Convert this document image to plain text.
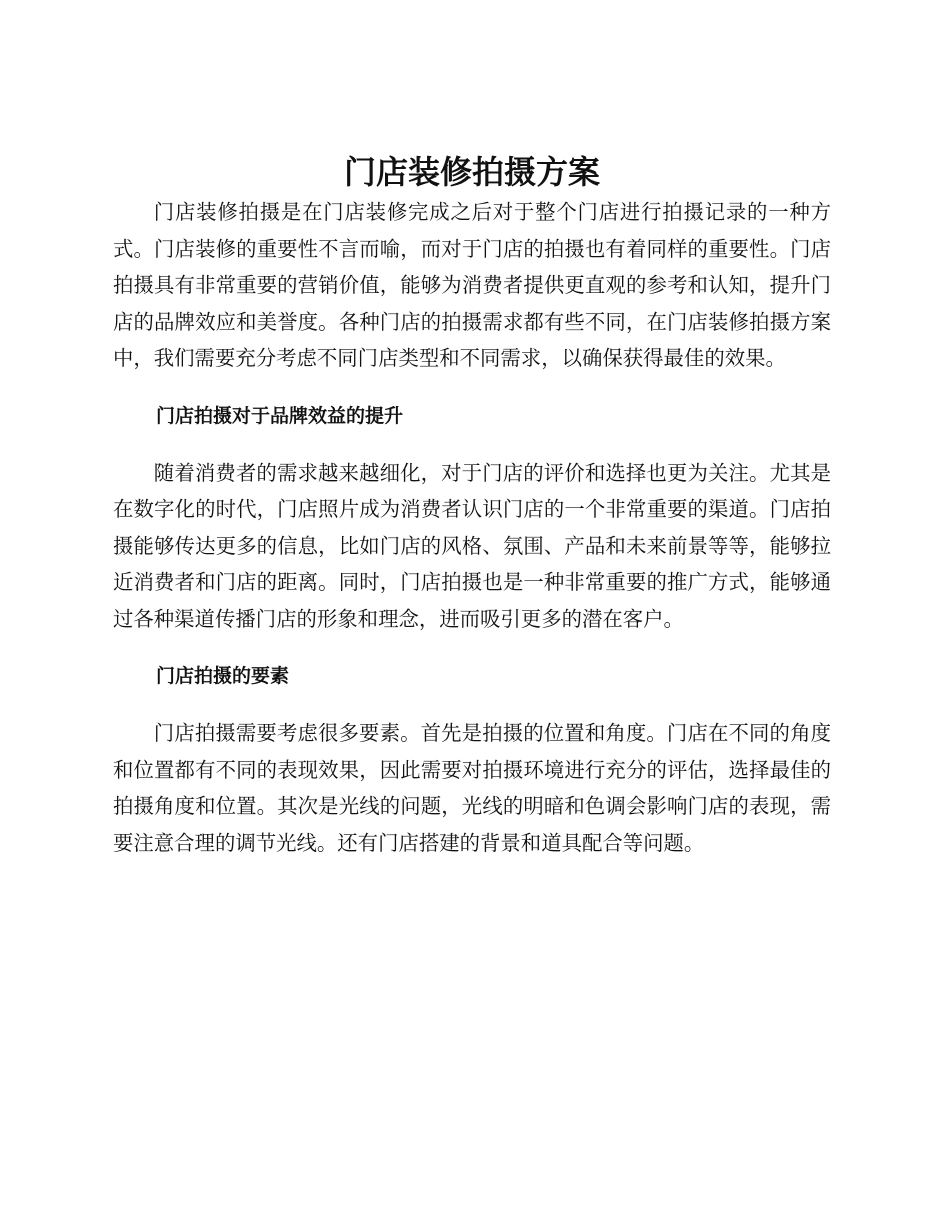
门店装修拍摄方案

门店装修拍摄是在门店装修完成之后对于整个门店进行拍摄记录的一种方式。门店装修的重要性不言而喻，而对于门店的拍摄也有着同样的重要性。门店拍摄具有非常重要的营销价值，能够为消费者提供更直观的参考和认知，提升门店的品牌效应和美誉度。各种门店的拍摄需求都有些不同，在门店装修拍摄方案中，我们需要充分考虑不同门店类型和不同需求，以确保获得最佳的效果。

门店拍摄对于品牌效益的提升

随着消费者的需求越来越细化，对于门店的评价和选择也更为关注。尤其是在数字化的时代，门店照片成为消费者认识门店的一个非常重要的渠道。门店拍摄能够传达更多的信息，比如门店的风格、氛围、产品和未来前景等等，能够拉近消费者和门店的距离。同时，门店拍摄也是一种非常重要的推广方式，能够通过各种渠道传播门店的形象和理念，进而吸引更多的潜在客户。

门店拍摄的要素

门店拍摄需要考虑很多要素。首先是拍摄的位置和角度。门店在不同的角度和位置都有不同的表现效果，因此需要对拍摄环境进行充分的评估，选择最佳的拍摄角度和位置。其次是光线的问题，光线的明暗和色调会影响门店的表现，需要注意合理的调节光线。还有门店搭建的背景和道具配合等问题。
